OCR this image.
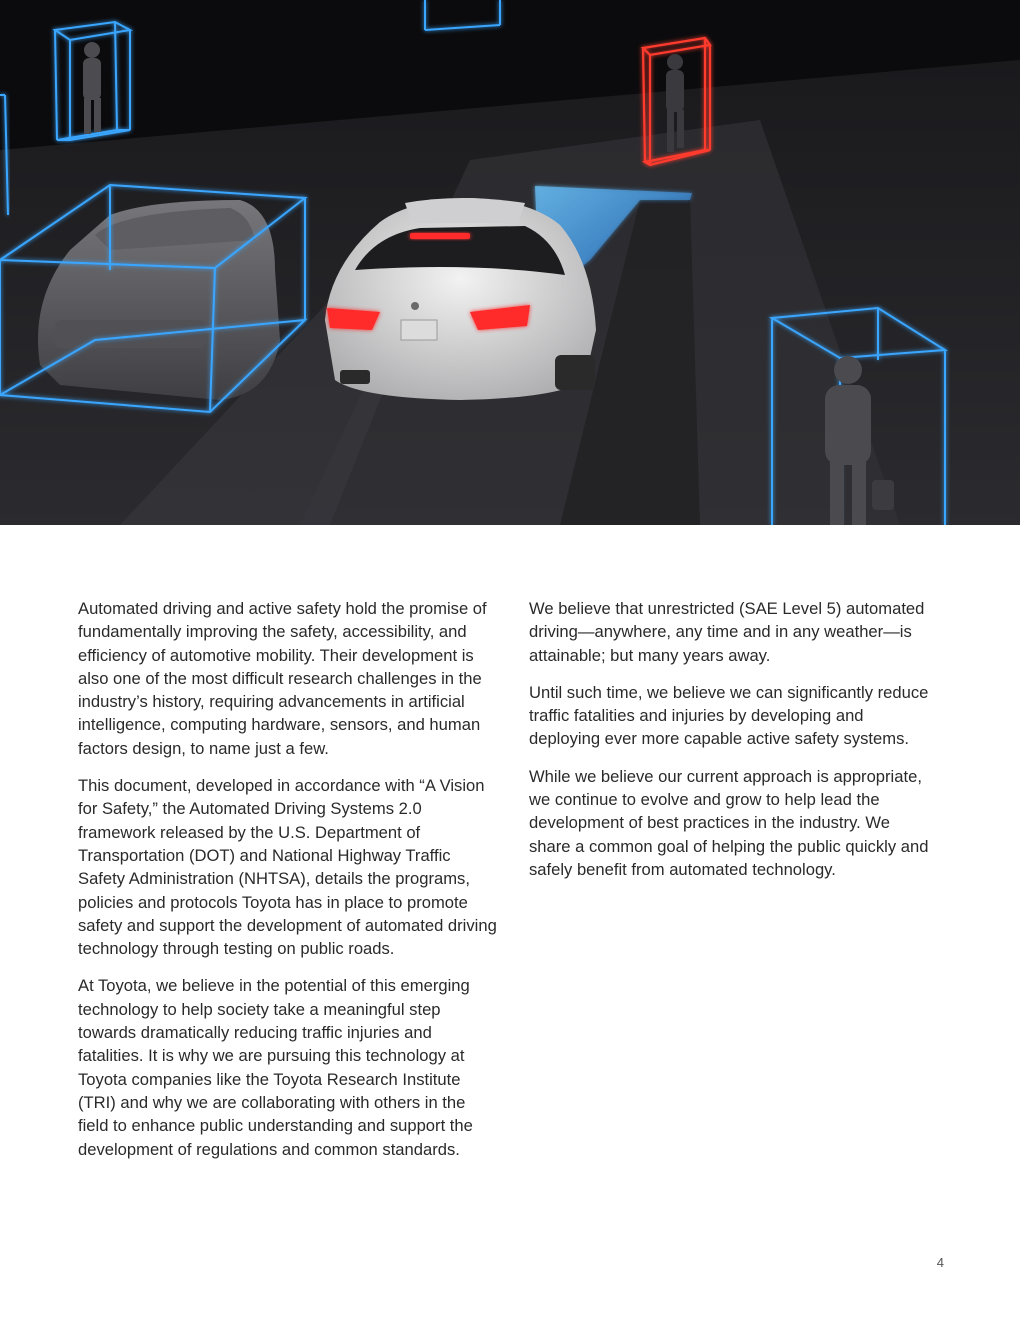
Automated driving and active safety hold the promise of fundamentally improving the safety, accessibility, and efficiency of automotive mobility. Their development is also one of the most difficult research challenges in the industry’s history, requiring advancements in artificial intelligence, computing hardware, sensors, and human factors design, to name just a few.

This document, developed in accordance with “A Vision for Safety,” the Automated Driving Systems 2.0 framework released by the U.S. Department of Transportation (DOT) and National Highway Traffic Safety Administration (NHTSA), details the programs, policies and protocols Toyota has in place to promote safety and support the development of automated driving technology through testing on public roads.

At Toyota, we believe in the potential of this emerging technology to help society take a meaningful step towards dramatically reducing traffic injuries and fatalities. It is why we are pursuing this technology at Toyota companies like the Toyota Research Institute (TRI) and why we are collaborating with others in the field to enhance public understanding and support the development of regulations and common standards.

We believe that unrestricted (SAE Level 5) automated driving—anywhere, any time and in any weather—is attainable; but many years away.

Until such time, we believe we can significantly reduce traffic fatalities and injuries by developing and deploying ever more capable active safety systems.

While we believe our current approach is appropriate, we continue to evolve and grow to help lead the development of best practices in the industry. We share a common goal of helping the public quickly and safely benefit from automated technology.

4
